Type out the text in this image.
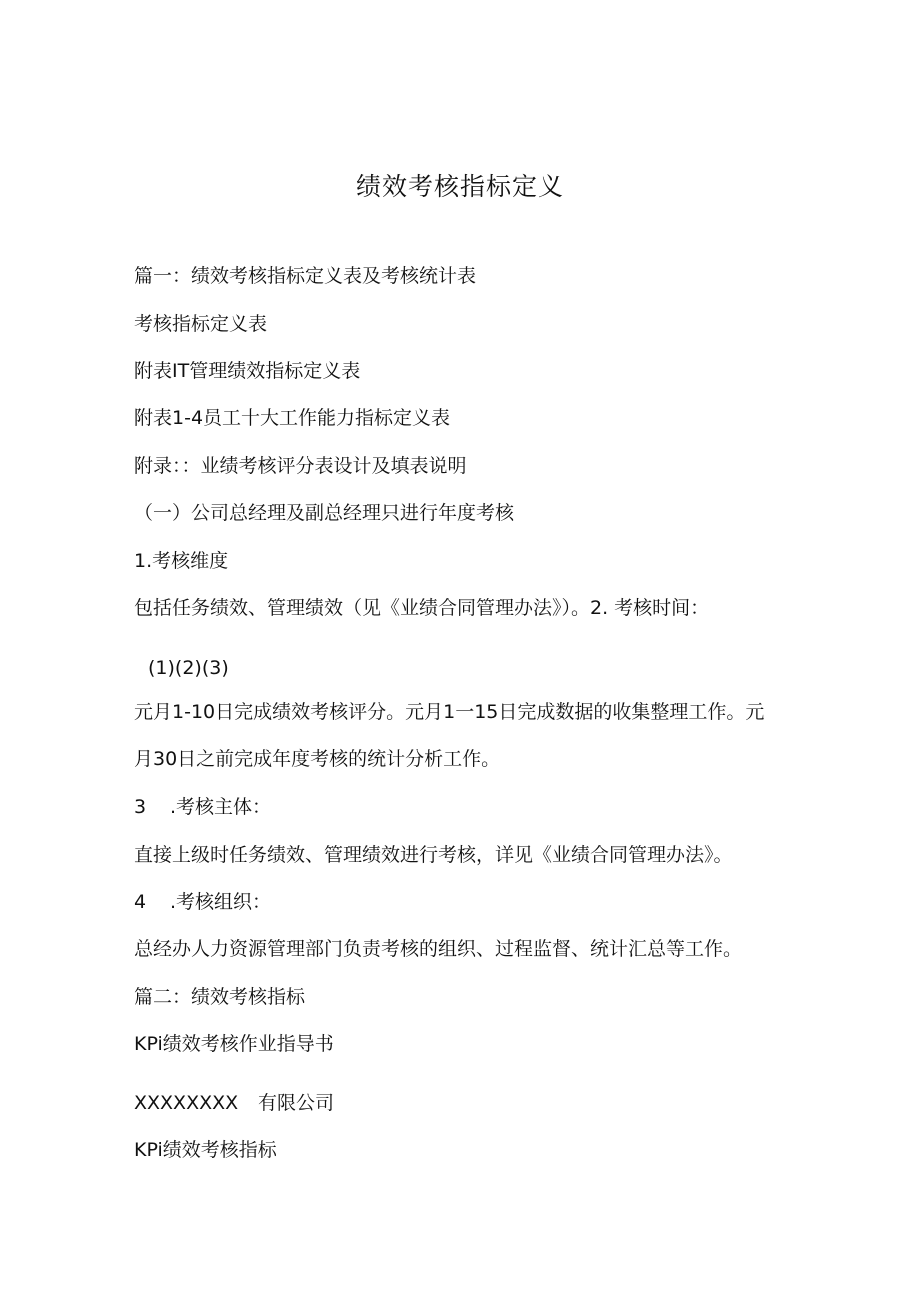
绩效考核指标定义
篇一：绩效考核指标定义表及考核统计表
考核指标定义表
附表IT管理绩效指标定义表
附表1-4员工十大工作能力指标定义表
附录：：业绩考核评分表设计及填表说明
（一）公司总经理及副总经理只进行年度考核
1.考核维度
包括任务绩效、管理绩效（见《业绩合同管理办法》）。2. 考核时间：
(1)(2)(3)
元月1-10日完成绩效考核评分。元月1一15日完成数据的收集整理工作。元
月30日之前完成年度考核的统计分析工作。
3 .考核主体：
直接上级时任务绩效、管理绩效进行考核，详见《业绩合同管理办法》。
4 .考核组织：
总经办人力资源管理部门负责考核的组织、过程监督、统计汇总等工作。
篇二：绩效考核指标
KPi绩效考核作业指导书
XXXXXXXX 有限公司
KPi绩效考核指标
